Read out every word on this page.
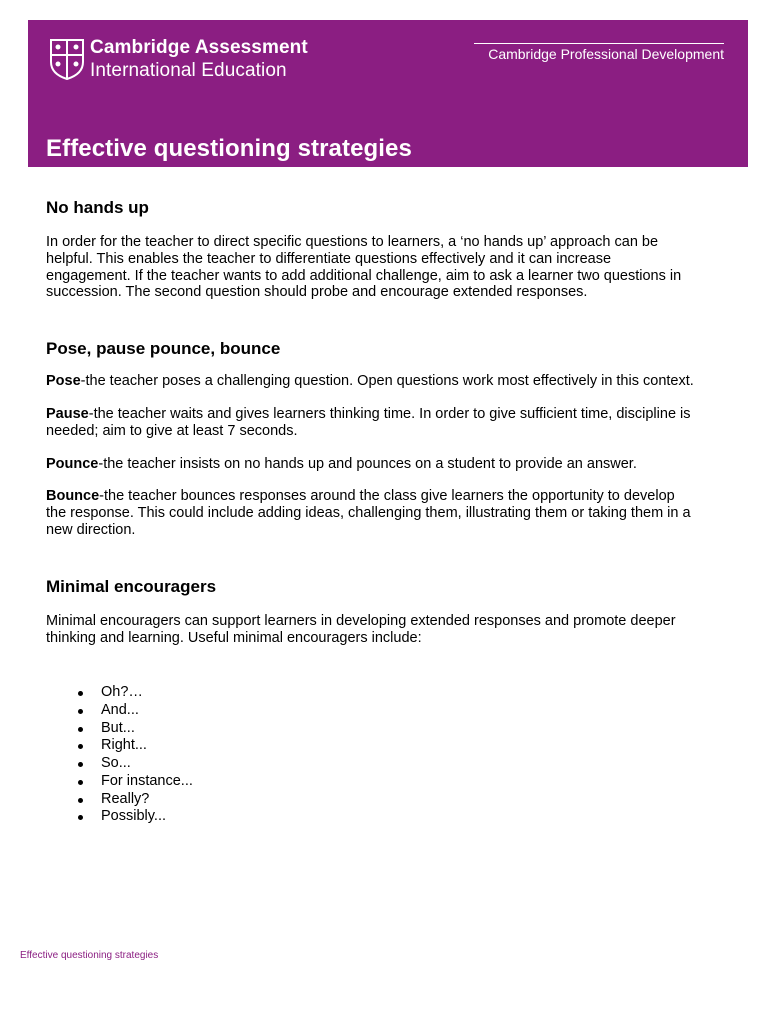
Cambridge Assessment
International Education
Cambridge Professional Development
Effective questioning strategies
No hands up

In order for the teacher to direct specific questions to learners, a ‘no hands up’ approach can be helpful. This enables the teacher to differentiate questions effectively and it can increase engagement. If the teacher wants to add additional challenge, aim to ask a learner two questions in succession. The second question should probe and encourage extended responses.

Pose, pause pounce, bounce

Pose-the teacher poses a challenging question. Open questions work most effectively in this context.

Pause-the teacher waits and gives learners thinking time. In order to give sufficient time, discipline is needed; aim to give at least 7 seconds.

Pounce-the teacher insists on no hands up and pounces on a student to provide an answer.

Bounce-the teacher bounces responses around the class give learners the opportunity to develop the response. This could include adding ideas, challenging them, illustrating them or taking them in a new direction.

Minimal encouragers

Minimal encouragers can support learners in developing extended responses and promote deeper thinking and learning. Useful minimal encouragers include:

Oh?…
And...
But...
Right...
So...
For instance...
Really?
Possibly...
Effective questioning strategies
